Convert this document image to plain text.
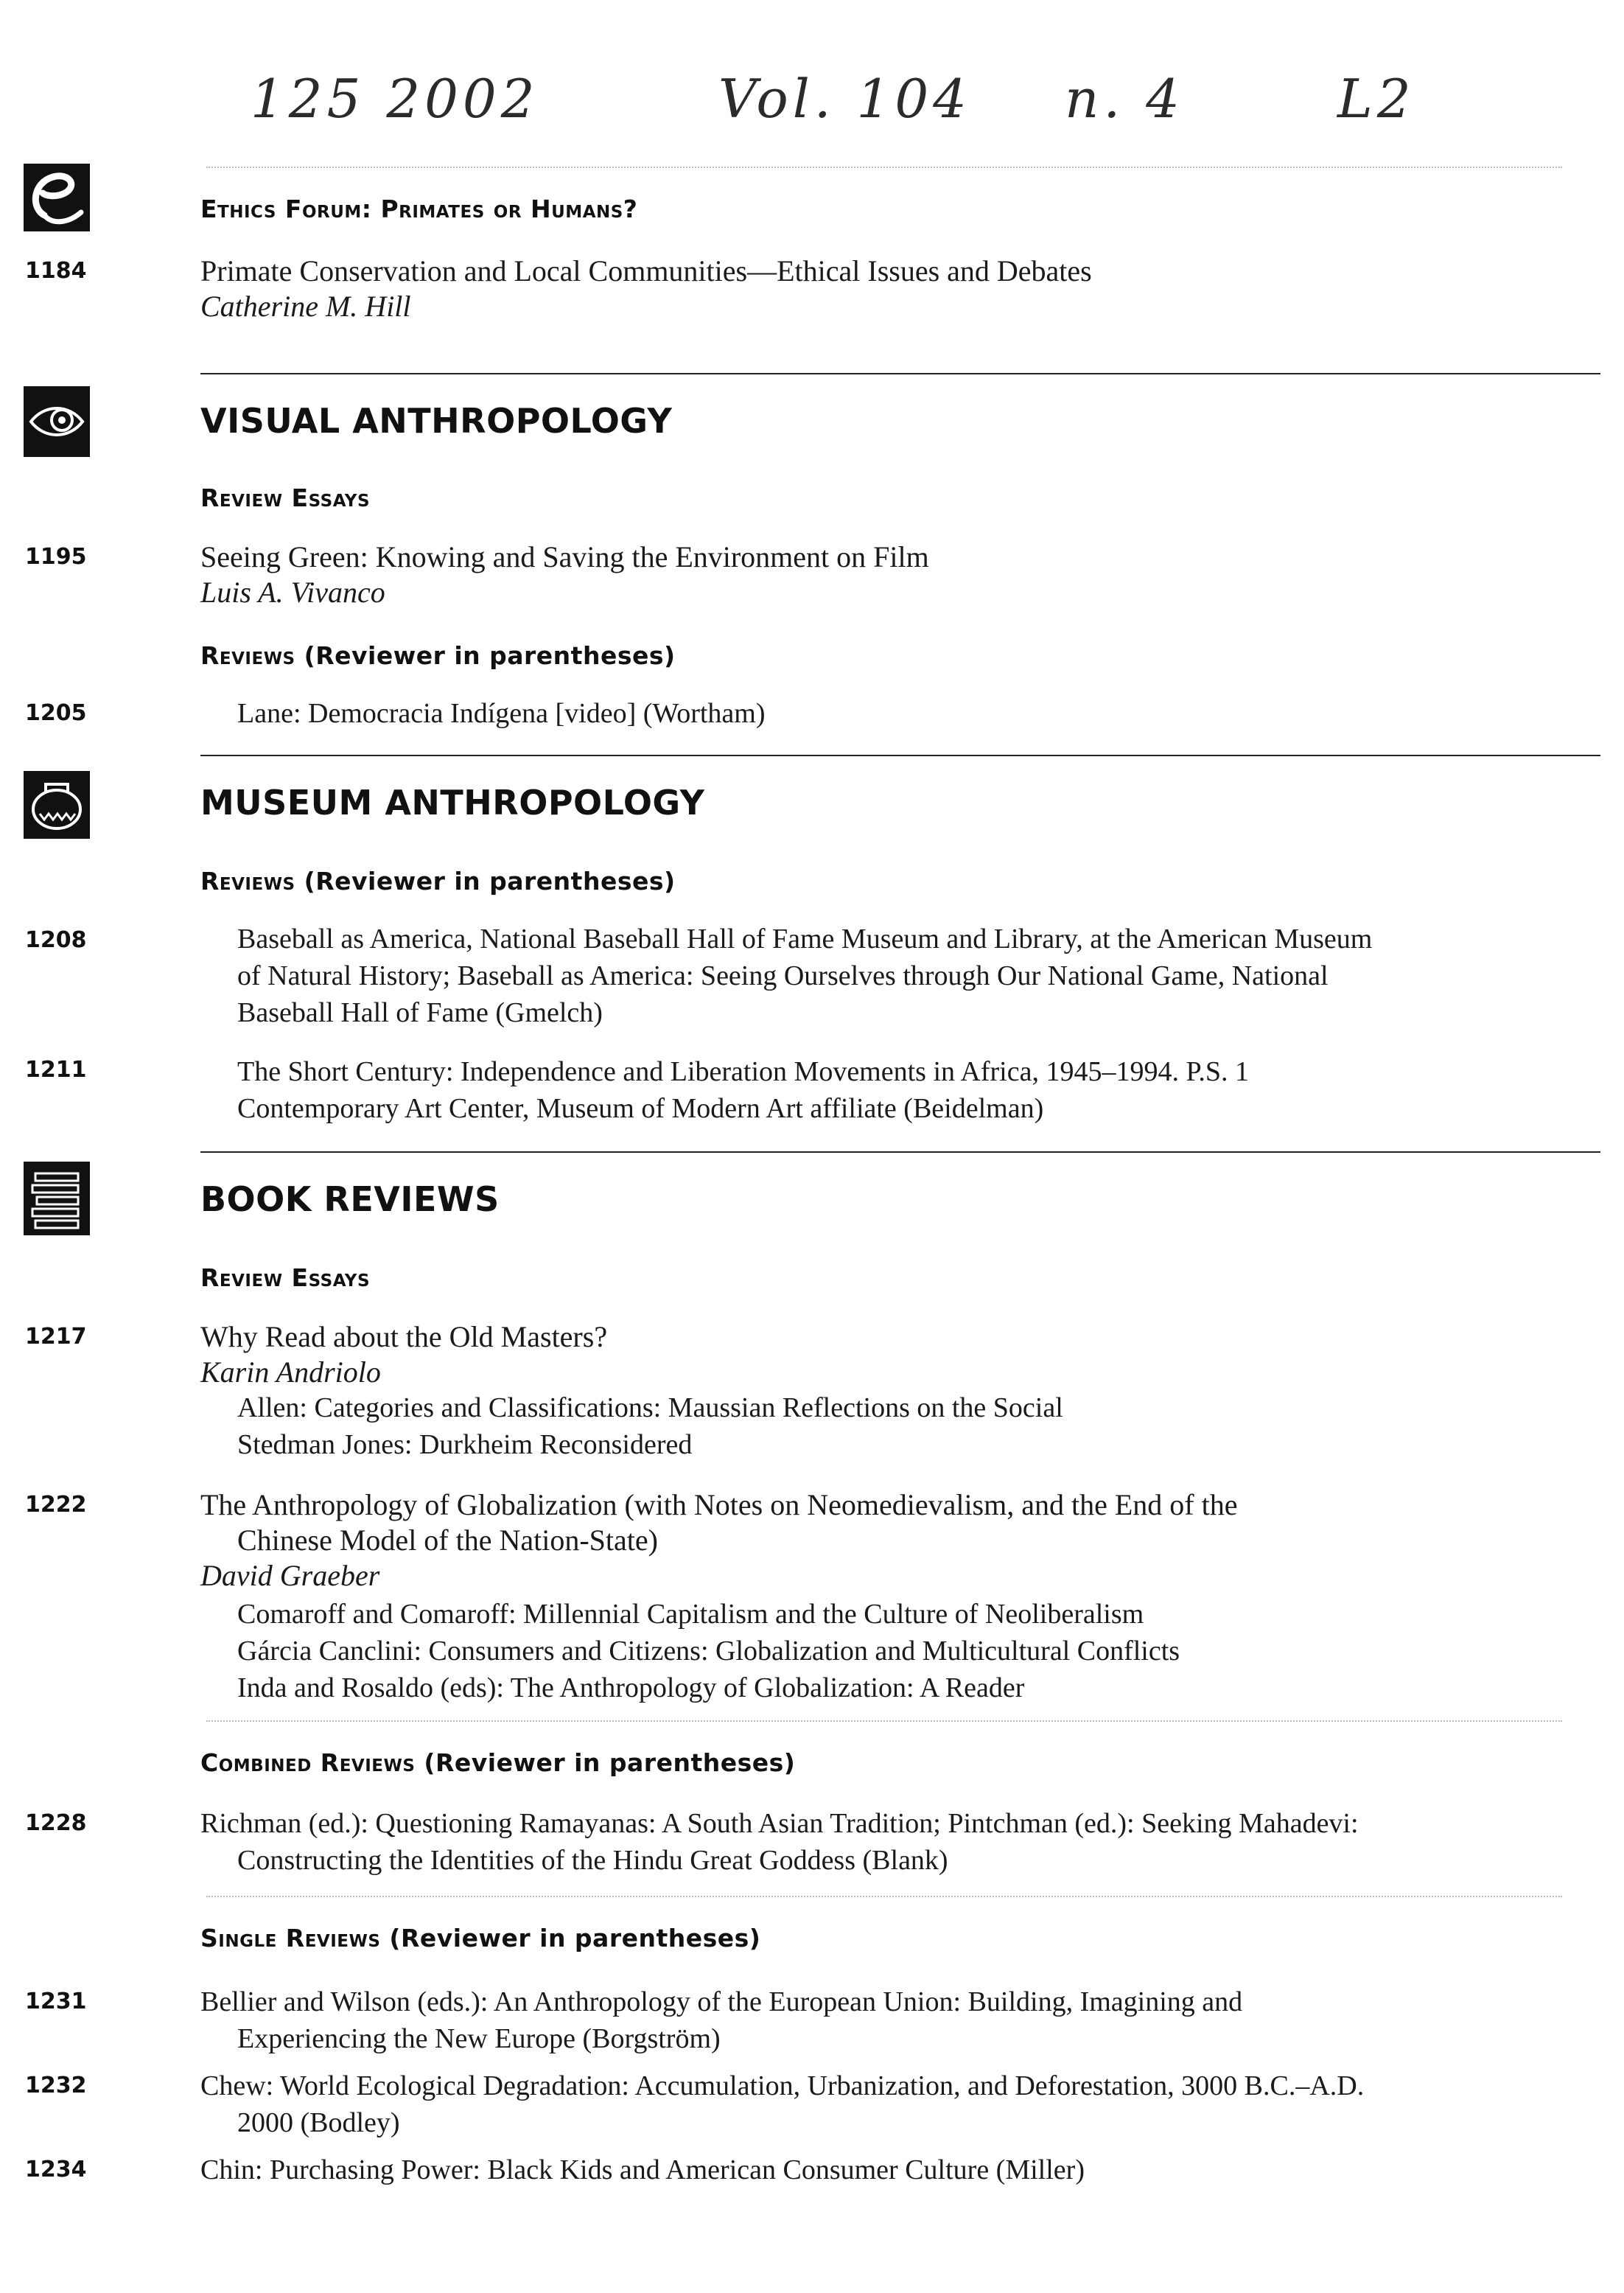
125 2002	Vol. 104 n. 4	L2
Ethics Forum: Primates or Humans?
1184	Primate Conservation and Local Communities—Ethical Issues and Debates
Catherine M. Hill
VISUAL ANTHROPOLOGY
Review Essays
1195	Seeing Green: Knowing and Saving the Environment on Film
Luis A. Vivanco
Reviews (Reviewer in parentheses)
1205	Lane: Democracia Indígena [video] (Wortham)
MUSEUM ANTHROPOLOGY
Reviews (Reviewer in parentheses)
1208	Baseball as America, National Baseball Hall of Fame Museum and Library, at the American Museum
of Natural History; Baseball as America: Seeing Ourselves through Our National Game, National
Baseball Hall of Fame (Gmelch)
1211	The Short Century: Independence and Liberation Movements in Africa, 1945–1994. P.S. 1
Contemporary Art Center, Museum of Modern Art affiliate (Beidelman)
BOOK REVIEWS
Review Essays
1217	Why Read about the Old Masters?
Karin Andriolo
Allen: Categories and Classifications: Maussian Reflections on the Social
Stedman Jones: Durkheim Reconsidered
1222	The Anthropology of Globalization (with Notes on Neomedievalism, and the End of the
Chinese Model of the Nation-State)
David Graeber
Comaroff and Comaroff: Millennial Capitalism and the Culture of Neoliberalism
Gárcia Canclini: Consumers and Citizens: Globalization and Multicultural Conflicts
Inda and Rosaldo (eds): The Anthropology of Globalization: A Reader
Combined Reviews (Reviewer in parentheses)
1228	Richman (ed.): Questioning Ramayanas: A South Asian Tradition; Pintchman (ed.): Seeking Mahadevi:
Constructing the Identities of the Hindu Great Goddess (Blank)
Single Reviews (Reviewer in parentheses)
1231	Bellier and Wilson (eds.): An Anthropology of the European Union: Building, Imagining and
Experiencing the New Europe (Borgström)
1232	Chew: World Ecological Degradation: Accumulation, Urbanization, and Deforestation, 3000 B.C.–A.D.
2000 (Bodley)
1234	Chin: Purchasing Power: Black Kids and American Consumer Culture (Miller)
